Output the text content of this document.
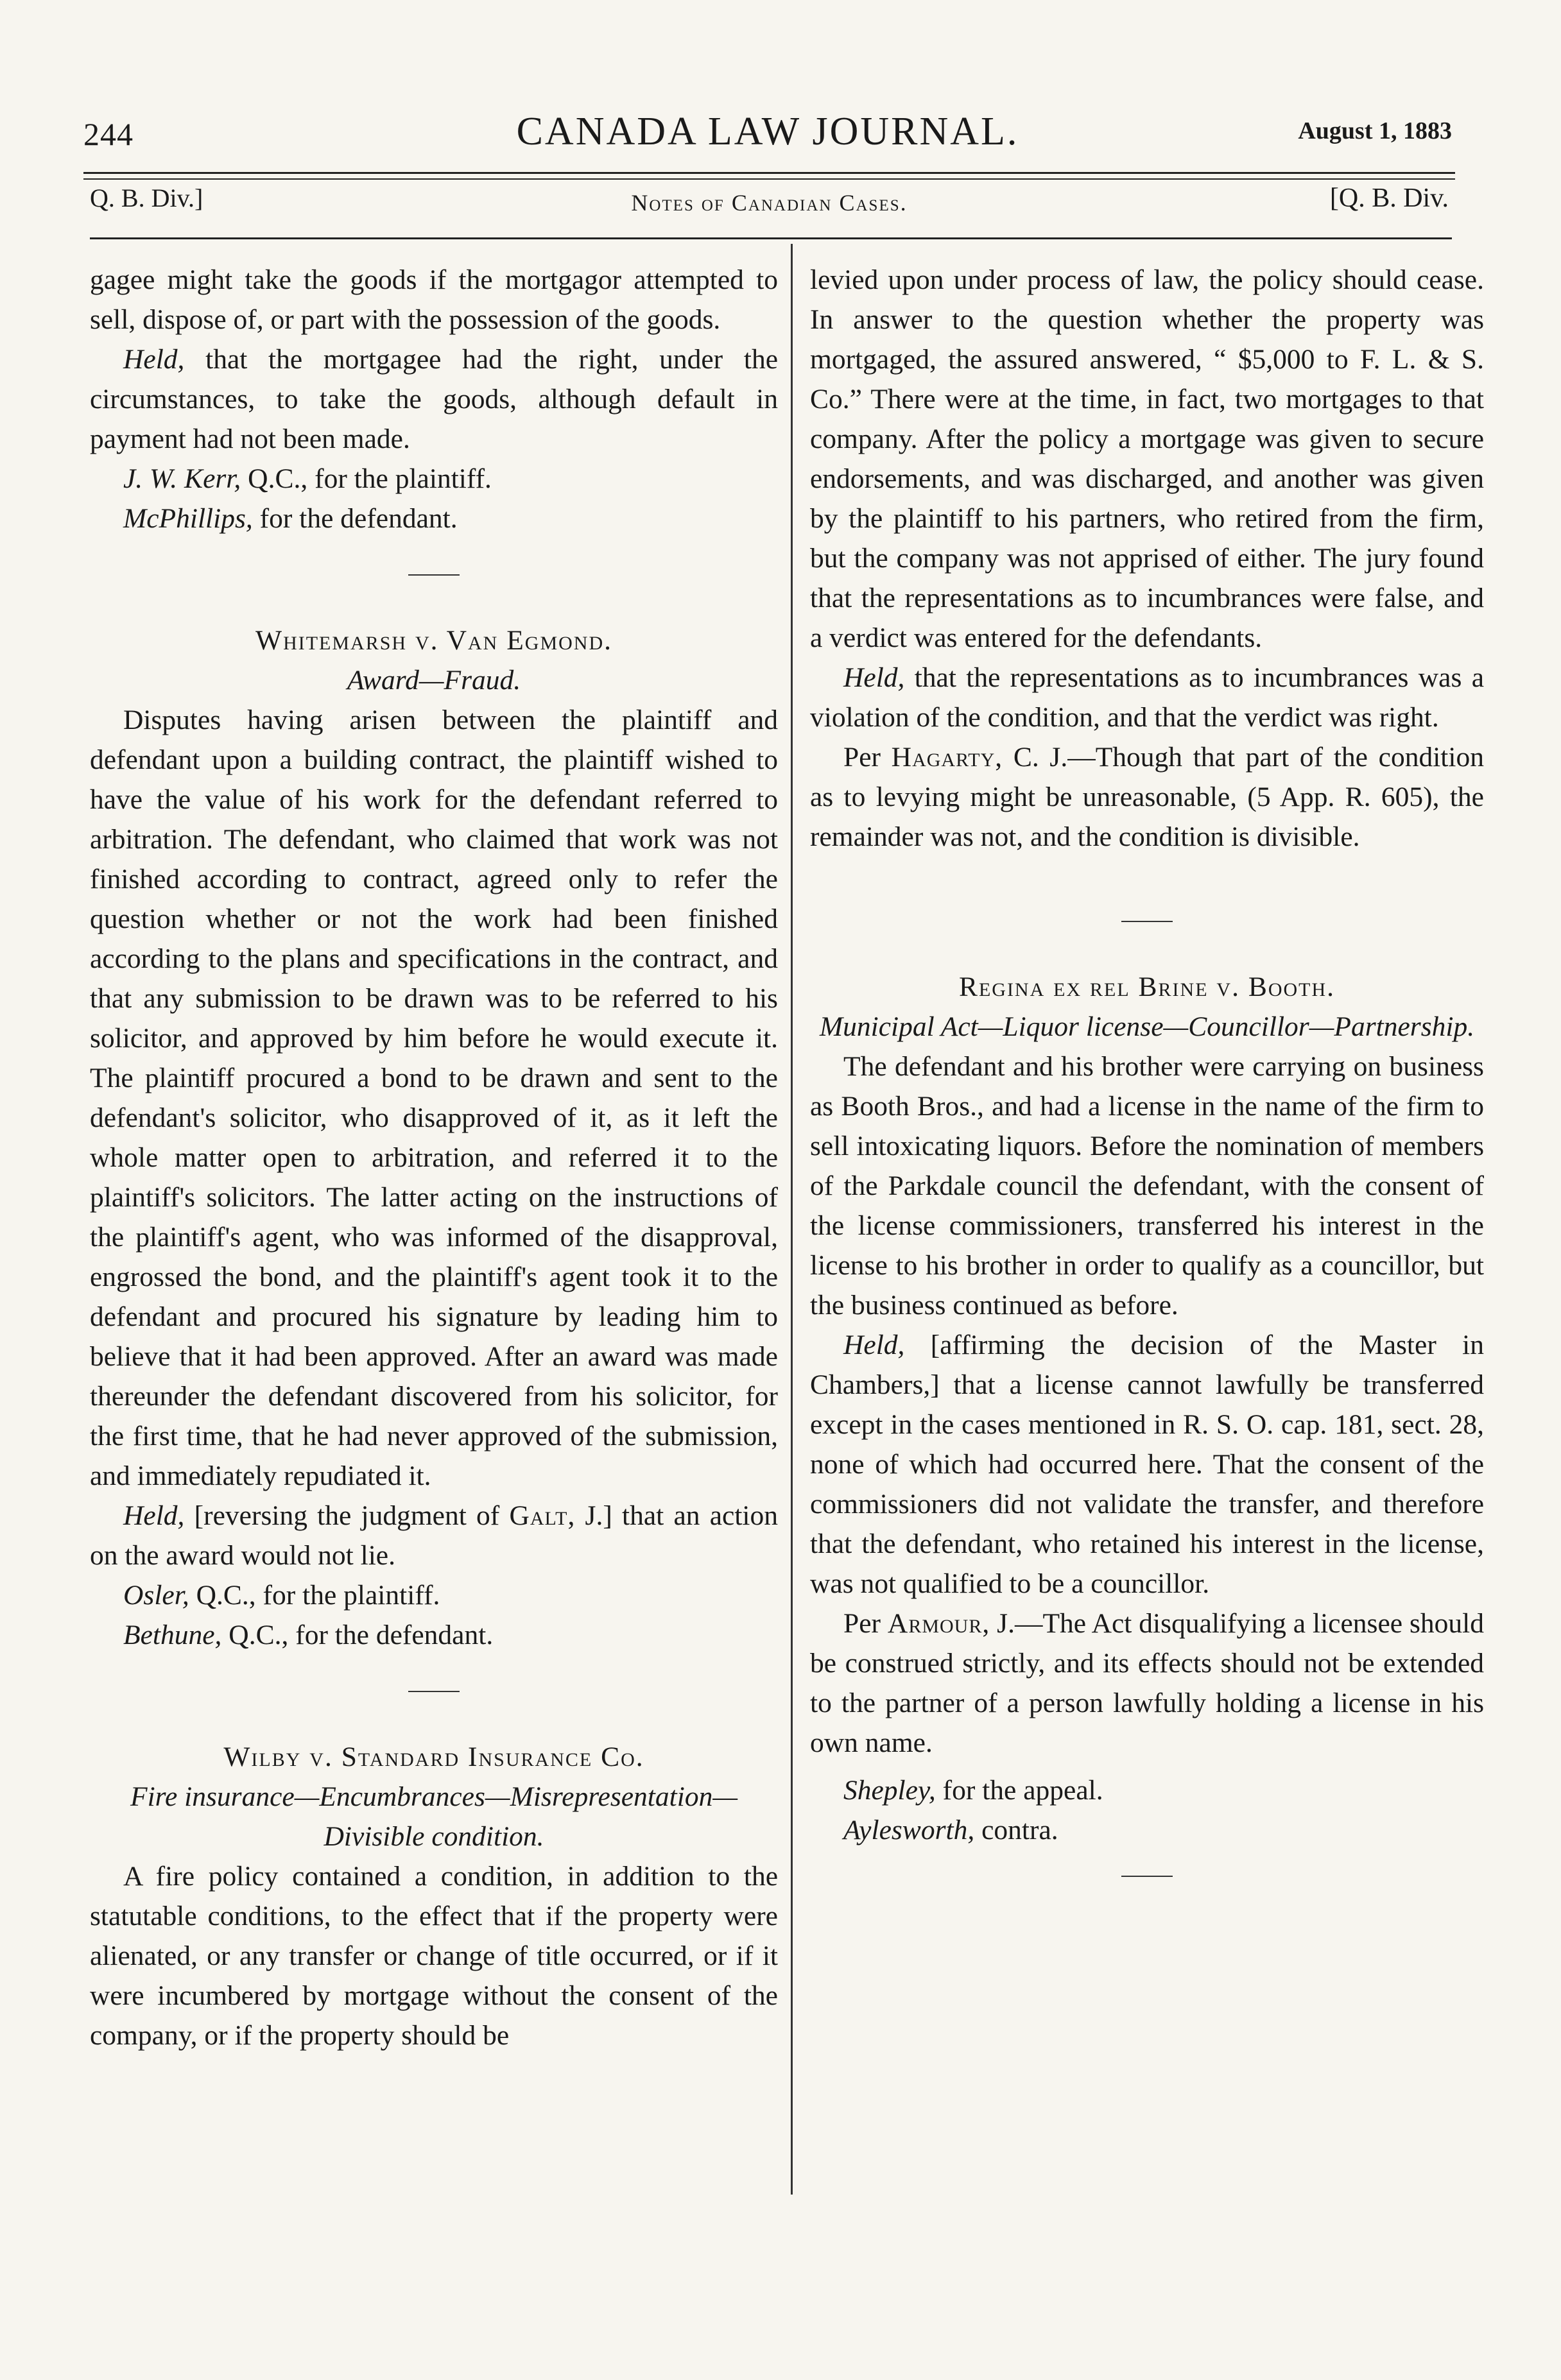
244	CANADA LAW JOURNAL.	August 1, 1883
Q. B. Div.]	Notes of Canadian Cases.	[Q. B. Div.

gagee might take the goods if the mortgagor attempted to sell, dispose of, or part with the possession of the goods.

Held, that the mortgagee had the right, under the circumstances, to take the goods, although default in payment had not been made.

J. W. Kerr, Q.C., for the plaintiff.

McPhillips, for the defendant.

Whitemarsh v. Van Egmond.

Award—Fraud.

Disputes having arisen between the plaintiff and defendant upon a building contract, the plaintiff wished to have the value of his work for the defendant referred to arbitration. The defendant, who claimed that work was not finished according to contract, agreed only to refer the question whether or not the work had been finished according to the plans and specifications in the contract, and that any submission to be drawn was to be referred to his solicitor, and approved by him before he would execute it. The plaintiff procured a bond to be drawn and sent to the defendant's solicitor, who disapproved of it, as it left the whole matter open to arbitration, and referred it to the plaintiff's solicitors. The latter acting on the instructions of the plaintiff's agent, who was informed of the disapproval, engrossed the bond, and the plaintiff's agent took it to the defendant and procured his signature by leading him to believe that it had been approved. After an award was made thereunder the defendant discovered from his solicitor, for the first time, that he had never approved of the submission, and immediately repudiated it.

Held, [reversing the judgment of Galt, J.] that an action on the award would not lie.

Osler, Q.C., for the plaintiff.

Bethune, Q.C., for the defendant.

Wilby v. Standard Insurance Co.

Fire insurance—Encumbrances—Misrepresentation—Divisible condition.

A fire policy contained a condition, in addition to the statutable conditions, to the effect that if the property were alienated, or any transfer or change of title occurred, or if it were incumbered by mortgage without the consent of the company, or if the property should be

levied upon under process of law, the policy should cease. In answer to the question whether the property was mortgaged, the assured answered, “ $5,000 to F. L. & S. Co.” There were at the time, in fact, two mortgages to that company. After the policy a mortgage was given to secure endorsements, and was discharged, and another was given by the plaintiff to his partners, who retired from the firm, but the company was not apprised of either. The jury found that the representations as to incumbrances were false, and a verdict was entered for the defendants.

Held, that the representations as to incumbrances was a violation of the condition, and that the verdict was right.

Per Hagarty, C. J.—Though that part of the condition as to levying might be unreasonable, (5 App. R. 605), the remainder was not, and the condition is divisible.

Regina ex rel Brine v. Booth.

Municipal Act—Liquor license—Councillor—Partnership.

The defendant and his brother were carrying on business as Booth Bros., and had a license in the name of the firm to sell intoxicating liquors. Before the nomination of members of the Parkdale council the defendant, with the consent of the license commissioners, transferred his interest in the license to his brother in order to qualify as a councillor, but the business continued as before.

Held, [affirming the decision of the Master in Chambers,] that a license cannot lawfully be transferred except in the cases mentioned in R. S. O. cap. 181, sect. 28, none of which had occurred here. That the consent of the commissioners did not validate the transfer, and therefore that the defendant, who retained his interest in the license, was not qualified to be a councillor.

Per Armour, J.—The Act disqualifying a licensee should be construed strictly, and its effects should not be extended to the partner of a person lawfully holding a license in his own name.

Shepley, for the appeal.

Aylesworth, contra.
